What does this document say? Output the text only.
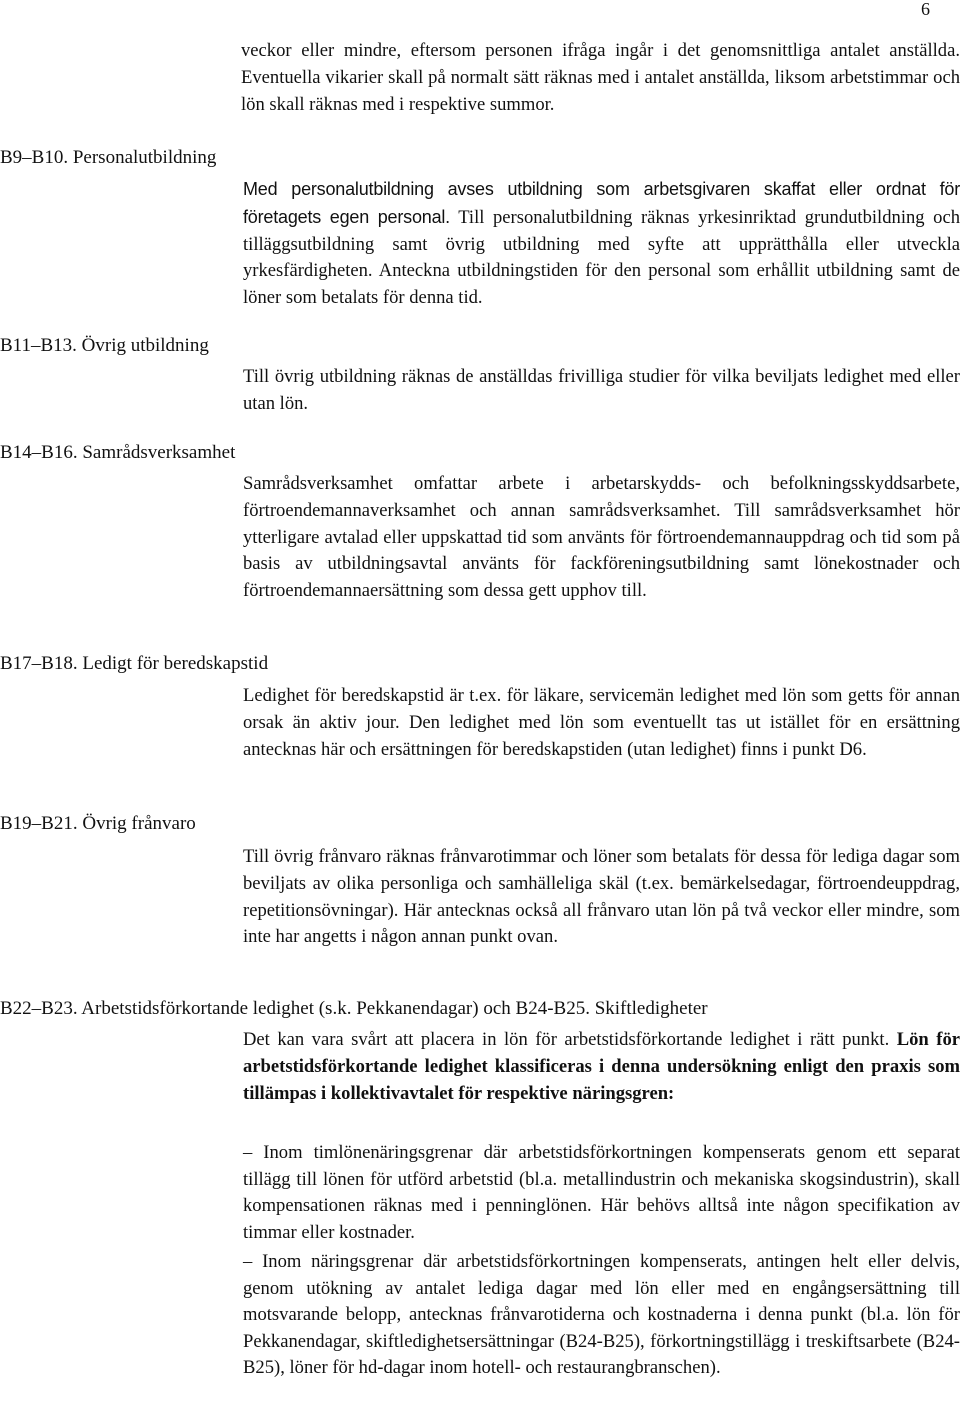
6

veckor eller mindre, eftersom personen ifråga ingår i det genomsnittliga antalet anställda. Eventuella vikarier skall på normalt sätt räknas med i antalet anställda, liksom arbetstimmar och lön skall räknas med i respektive summor.

B9–B10. Personalutbildning

Med personalutbildning avses utbildning som arbetsgivaren skaffat eller ordnat för företagets egen personal. Till personalutbildning räknas yrkesinriktad grundutbildning och tilläggsutbildning samt övrig utbildning med syfte att upprätthålla eller utveckla yrkesfärdigheten. Anteckna utbildningstiden för den personal som erhållit utbildning samt de löner som betalats för denna tid.

B11–B13. Övrig utbildning

Till övrig utbildning räknas de anställdas frivilliga studier för vilka beviljats ledighet med eller utan lön.

B14–B16. Samrådsverksamhet

Samrådsverksamhet omfattar arbete i arbetarskydds- och befolkningsskyddsarbete, förtroendemannaverksamhet och annan samrådsverksamhet. Till samrådsverksamhet hör ytterligare avtalad eller uppskattad tid som använts för förtroendemannauppdrag och tid som på basis av utbildningsavtal använts för fackföreningsutbildning samt lönekostnader och förtroendemannaersättning som dessa gett upphov till.

B17–B18. Ledigt för beredskapstid

Ledighet för beredskapstid är t.ex. för läkare, servicemän ledighet med lön som getts för annan orsak än aktiv jour. Den ledighet med lön som eventuellt tas ut istället för en ersättning antecknas här och ersättningen för beredskapstiden (utan ledighet) finns i punkt D6.

B19–B21. Övrig frånvaro

Till övrig frånvaro räknas frånvarotimmar och löner som betalats för dessa för lediga dagar som beviljats av olika personliga och samhälleliga skäl (t.ex. bemärkelsedagar, förtroendeuppdrag, repetitionsövningar). Här antecknas också all frånvaro utan lön på två veckor eller mindre, som inte har angetts i någon annan punkt ovan.

B22–B23. Arbetstidsförkortande ledighet (s.k. Pekkanendagar) och B24-B25. Skiftledigheter

Det kan vara svårt att placera in lön för arbetstidsförkortande ledighet i rätt punkt. Lön för arbetstidsförkortande ledighet klassificeras i denna undersökning enligt den praxis som tillämpas i kollektivavtalet för respektive näringsgren:

– Inom timlönenäringsgrenar där arbetstidsförkortningen kompenserats genom ett separat tillägg till lönen för utförd arbetstid (bl.a. metallindustrin och mekaniska skogsindustrin), skall kompensationen räknas med i penninglönen. Här behövs alltså inte någon specifikation av timmar eller kostnader.

– Inom näringsgrenar där arbetstidsförkortningen kompenserats, antingen helt eller delvis, genom utökning av antalet lediga dagar med lön eller med en engångsersättning till motsvarande belopp, antecknas frånvarotiderna och kostnaderna i denna punkt (bl.a. lön för Pekkanendagar, skiftledighetsersättningar (B24-B25), förkortningstillägg i treskiftsarbete (B24-B25), löner för hd-dagar inom hotell- och restaurangbranschen).
